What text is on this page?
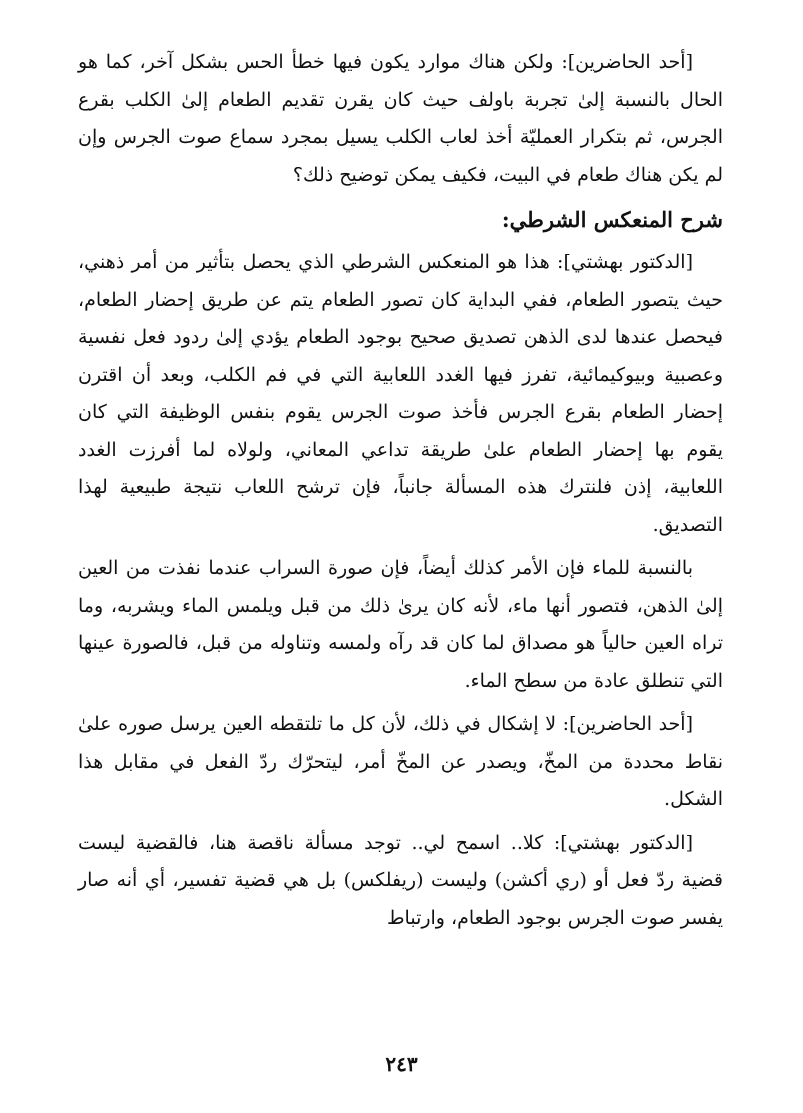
[أحد الحاضرين]: ولكن هناك موارد يكون فيها خطأ الحس بشكل آخر، كما هو الحال بالنسبة إلىٰ تجربة باولف حيث كان يقرن تقديم الطعام إلىٰ الكلب بقرع الجرس، ثم بتكرار العمليّة أخذ لعاب الكلب يسيل بمجرد سماع صوت الجرس وإن لم يكن هناك طعام في البيت، فكيف يمكن توضيح ذلك؟

شرح المنعكس الشرطي:

[الدكتور بهشتي]: هذا هو المنعكس الشرطي الذي يحصل بتأثير من أمر ذهني، حيث يتصور الطعام، ففي البداية كان تصور الطعام يتم عن طريق إحضار الطعام، فيحصل عندها لدى الذهن تصديق صحيح بوجود الطعام يؤدي إلىٰ ردود فعل نفسية وعصبية وبيوكيمائية، تفرز فيها الغدد اللعابية التي في فم الكلب، وبعد أن اقترن إحضار الطعام بقرع الجرس فأخذ صوت الجرس يقوم بنفس الوظيفة التي كان يقوم بها إحضار الطعام علىٰ طريقة تداعي المعاني، ولولاه لما أفرزت الغدد اللعابية، إذن فلنترك هذه المسألة جانباً، فإن ترشح اللعاب نتيجة طبيعية لهذا التصديق.

بالنسبة للماء فإن الأمر كذلك أيضاً، فإن صورة السراب عندما نفذت من العين إلىٰ الذهن، فتصور أنها ماء، لأنه كان يرىٰ ذلك من قبل ويلمس الماء ويشربه، وما تراه العين حالياً هو مصداق لما كان قد رآه ولمسه وتناوله من قبل، فالصورة عينها التي تنطلق عادة من سطح الماء.

[أحد الحاضرين]: لا إشكال في ذلك، لأن كل ما تلتقطه العين يرسل صوره علىٰ نقاط محددة من المخّ، ويصدر عن المخّ أمر، ليتحرّك ردّ الفعل في مقابل هذا الشكل.

[الدكتور بهشتي]: كلا.. اسمح لي.. توجد مسألة ناقصة هنا، فالقضية ليست قضية ردّ فعل أو (ري أكشن) وليست (ريفلكس) بل هي قضية تفسير، أي أنه صار يفسر صوت الجرس بوجود الطعام، وارتباط

٢٤٣
